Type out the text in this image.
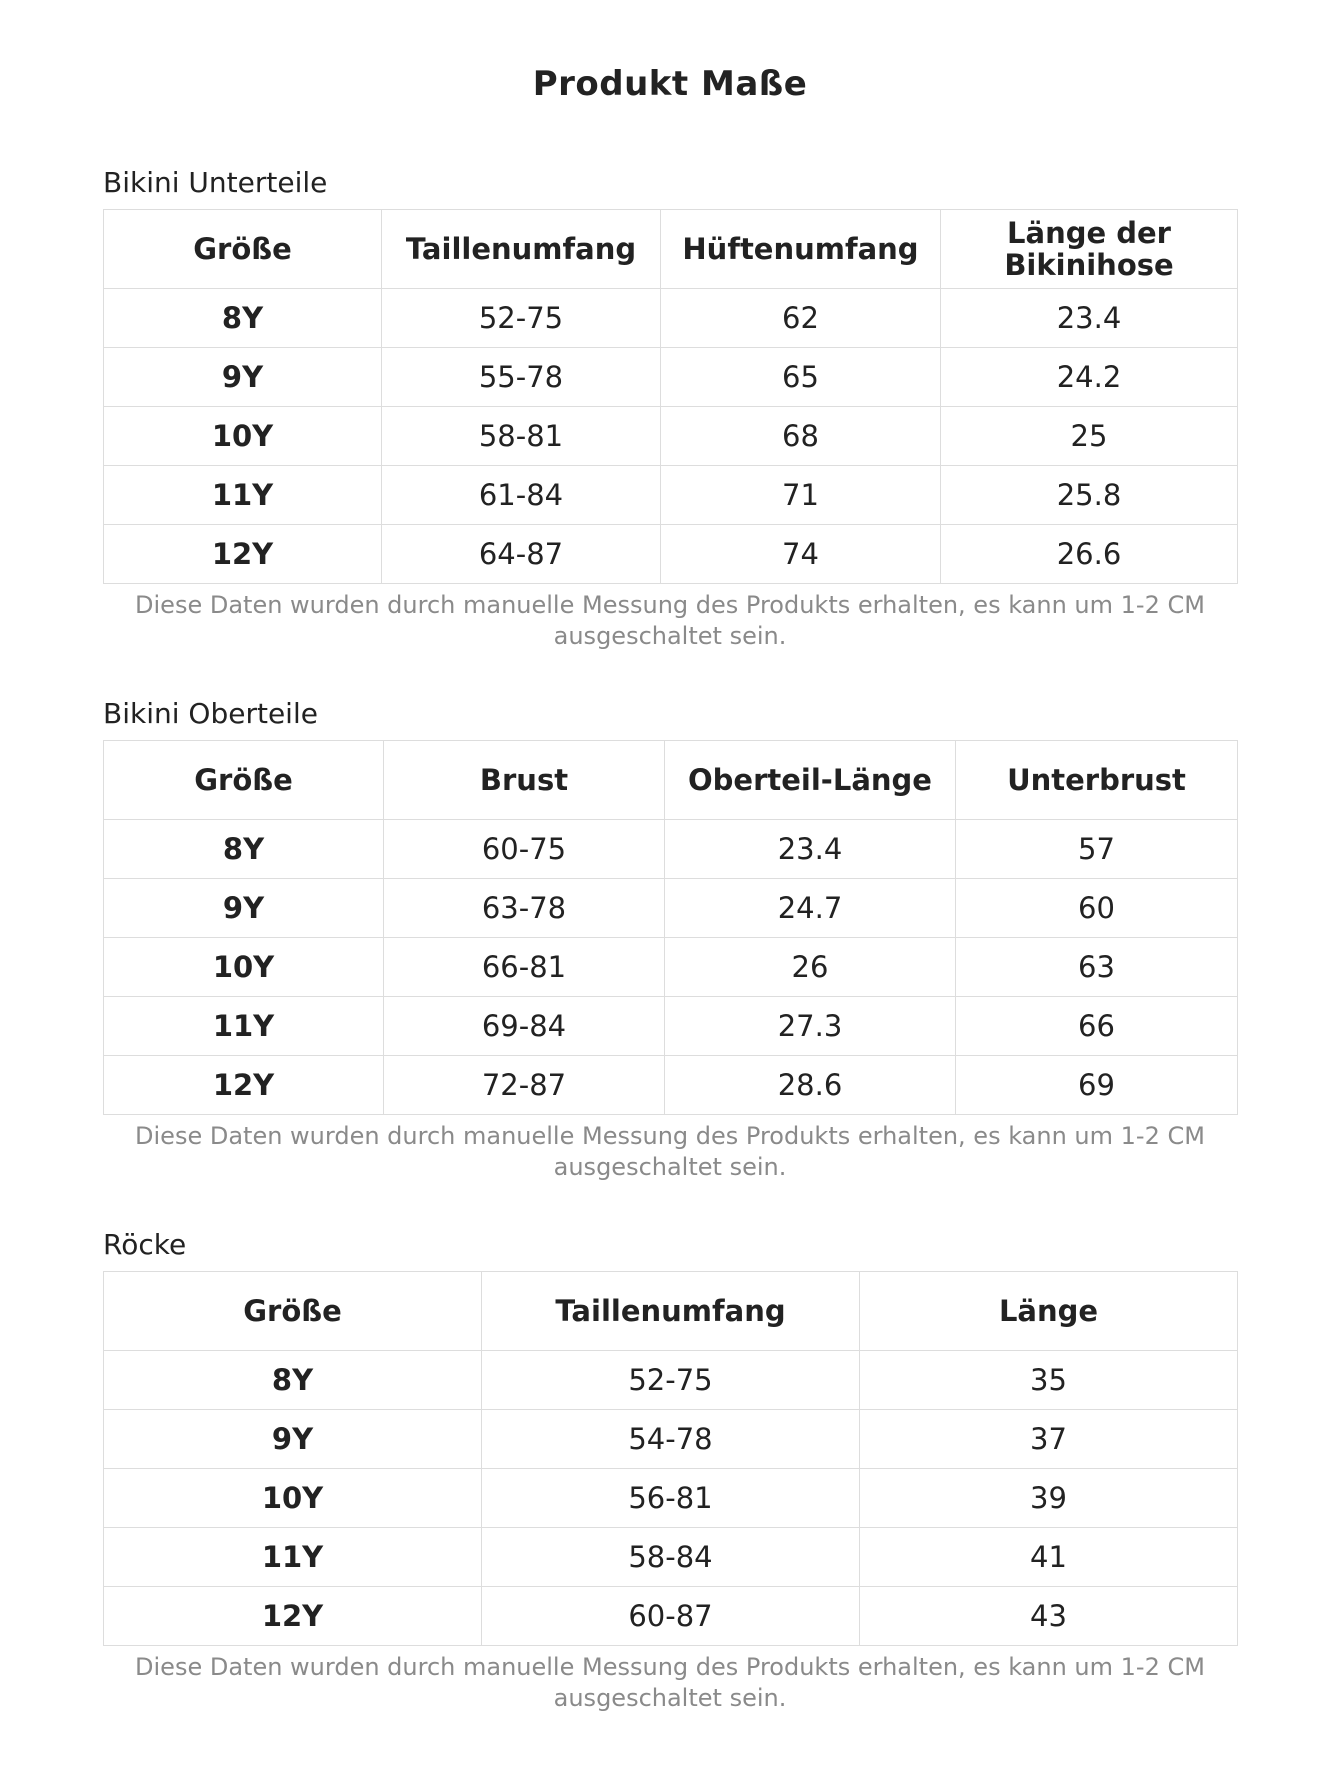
Produkt Maße
Bikini Unterteile
Größe	Taillenumfang	Hüftenumfang	Länge der Bikinihose
8Y	52-75	62	23.4
9Y	55-78	65	24.2
10Y	58-81	68	25
11Y	61-84	71	25.8
12Y	64-87	74	26.6
Diese Daten wurden durch manuelle Messung des Produkts erhalten, es kann um 1-2 CM ausgeschaltet sein.
Bikini Oberteile
Größe	Brust	Oberteil-Länge	Unterbrust
8Y	60-75	23.4	57
9Y	63-78	24.7	60
10Y	66-81	26	63
11Y	69-84	27.3	66
12Y	72-87	28.6	69
Diese Daten wurden durch manuelle Messung des Produkts erhalten, es kann um 1-2 CM ausgeschaltet sein.
Röcke
Größe	Taillenumfang	Länge
8Y	52-75	35
9Y	54-78	37
10Y	56-81	39
11Y	58-84	41
12Y	60-87	43
Diese Daten wurden durch manuelle Messung des Produkts erhalten, es kann um 1-2 CM ausgeschaltet sein.
